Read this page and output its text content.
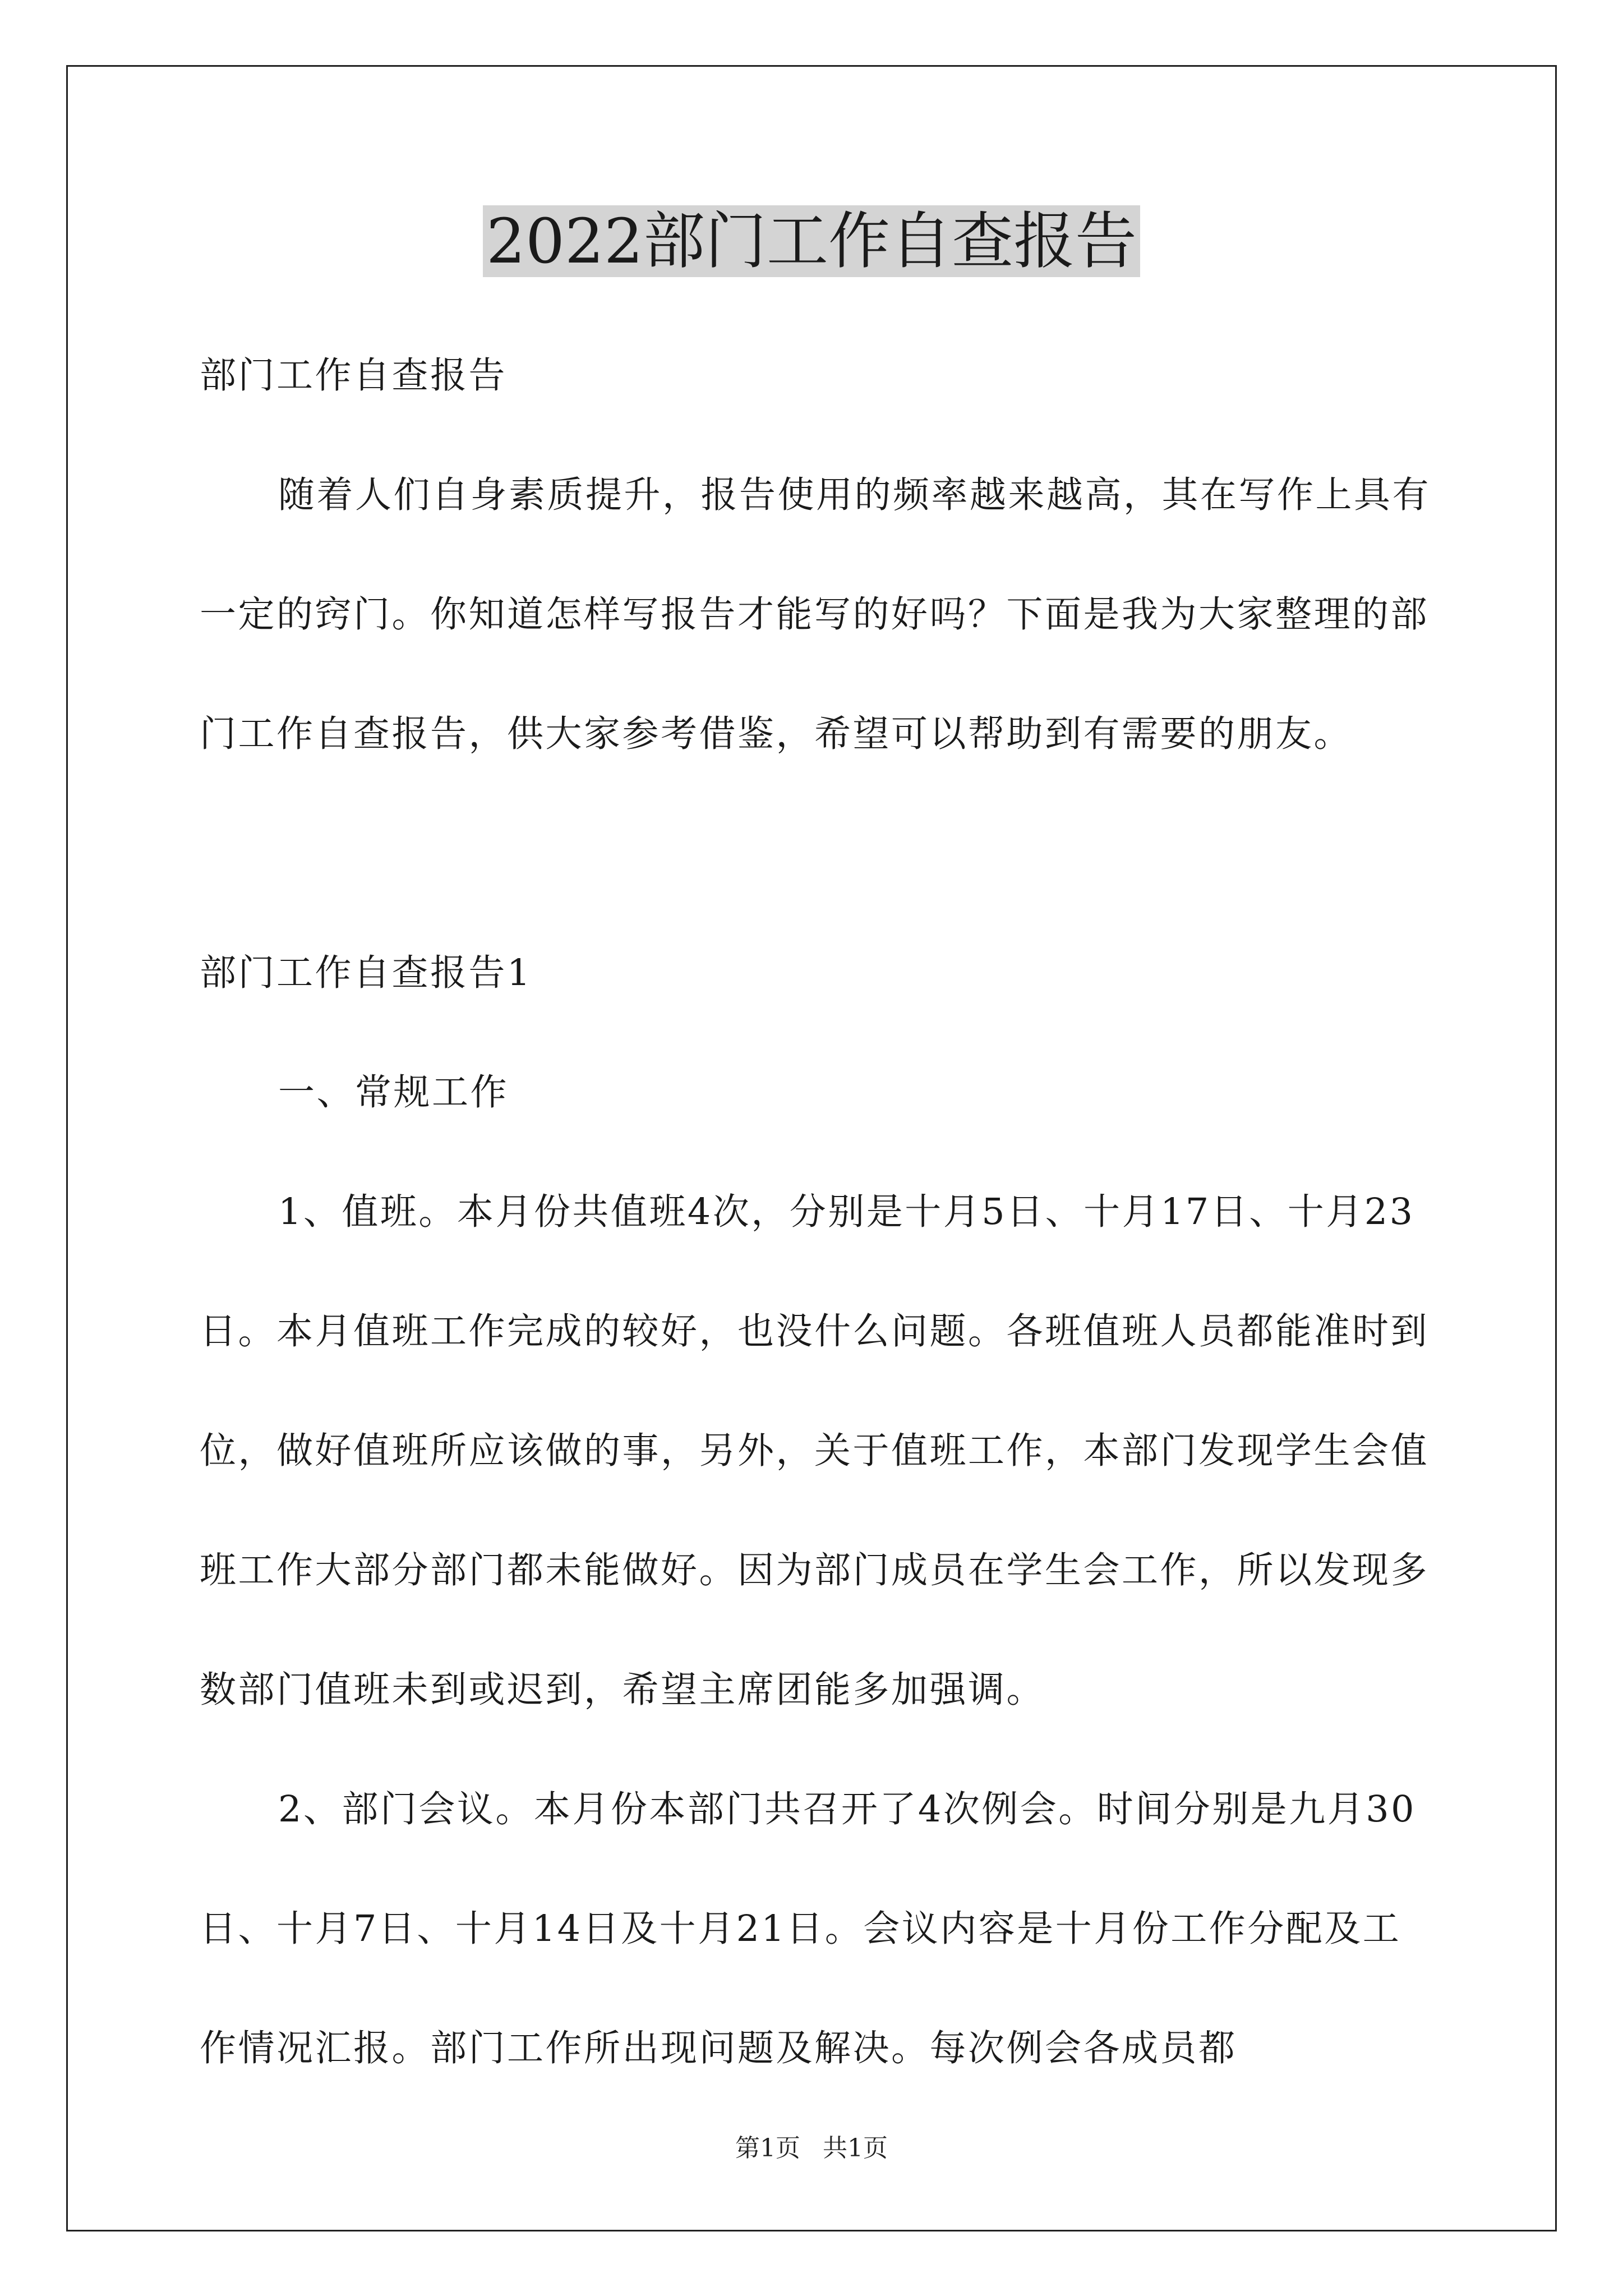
2022部门工作自查报告

部门工作自查报告

随着人们自身素质提升，报告使用的频率越来越高，其在写作上具有一定的窍门。你知道怎样写报告才能写的好吗？下面是我为大家整理的部门工作自查报告，供大家参考借鉴，希望可以帮助到有需要的朋友。

部门工作自查报告1

一、常规工作

1、值班。本月份共值班4次，分别是十月5日、十月17日、十月23日。本月值班工作完成的较好，也没什么问题。各班值班人员都能准时到位，做好值班所应该做的事，另外，关于值班工作，本部门发现学生会值班工作大部分部门都未能做好。因为部门成员在学生会工作，所以发现多数部门值班未到或迟到，希望主席团能多加强调。

2、部门会议。本月份本部门共召开了4次例会。时间分别是九月30日、十月7日、十月14日及十月21日。会议内容是十月份工作分配及工作情况汇报。部门工作所出现问题及解决。每次例会各成员都

第1页 共1页
